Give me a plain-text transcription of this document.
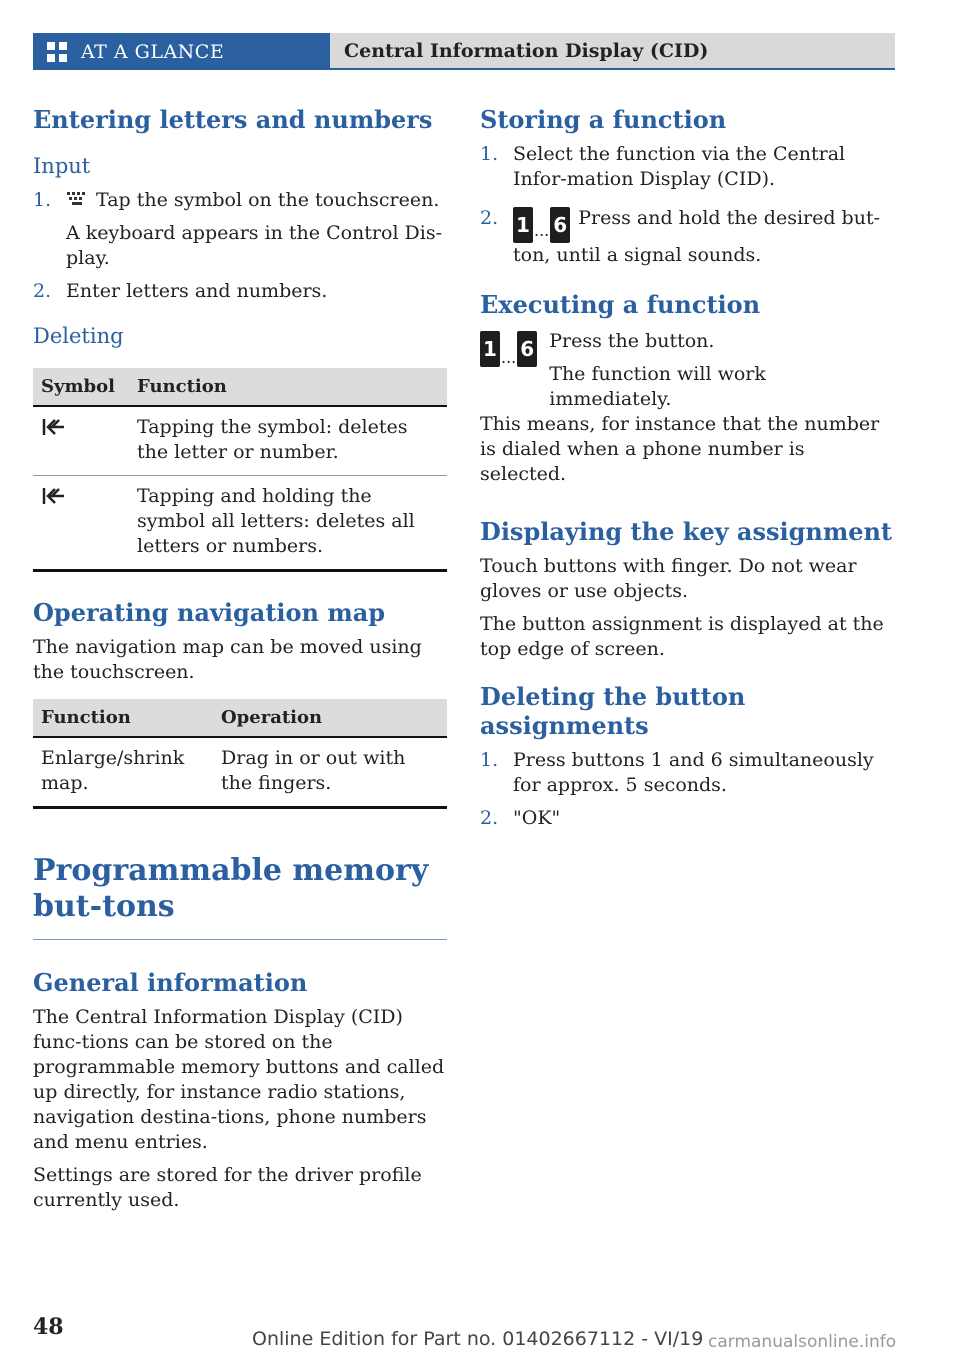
AT A GLANCE	Central Information Display (CID)
Entering letters and numbers
Input
1.	Tap the symbol on the touchscreen.
A keyboard appears in the Control Dis-play.
2. Enter letters and numbers.
Deleting
Symbol	Function
	Tapping the symbol: deletes the letter or number.
	Tapping and holding the symbol all letters: deletes all letters or numbers.
Operating navigation map

The navigation map can be moved using the touchscreen.

Function	Operation
Enlarge/shrink map.	Drag in or out with the fingers.
Programmable memory but-tons
General information

The Central Information Display (CID) func-tions can be stored on the programmable memory buttons and called up directly, for instance radio stations, navigation destina-tions, phone numbers and menu entries.

Settings are stored for the driver profile currently used.

Storing a function
1. Select the function via the Central Infor-mation Display (CID).
2. 1 ... 6 Press and hold the desired but-ton, until a signal sounds.
Executing a function
1 ... 6 Press the button.

The function will work immediately.

This means, for instance that the number is dialed when a phone number is selected.

Displaying the key assignment

Touch buttons with finger. Do not wear gloves or use objects.

The button assignment is displayed at the top edge of screen.

Deleting the button assignments
1. Press buttons 1 and 6 simultaneously for approx. 5 seconds.
2. "OK"
48	Online Edition for Part no. 01402667112 - VI/19 carmanualsonline.info
